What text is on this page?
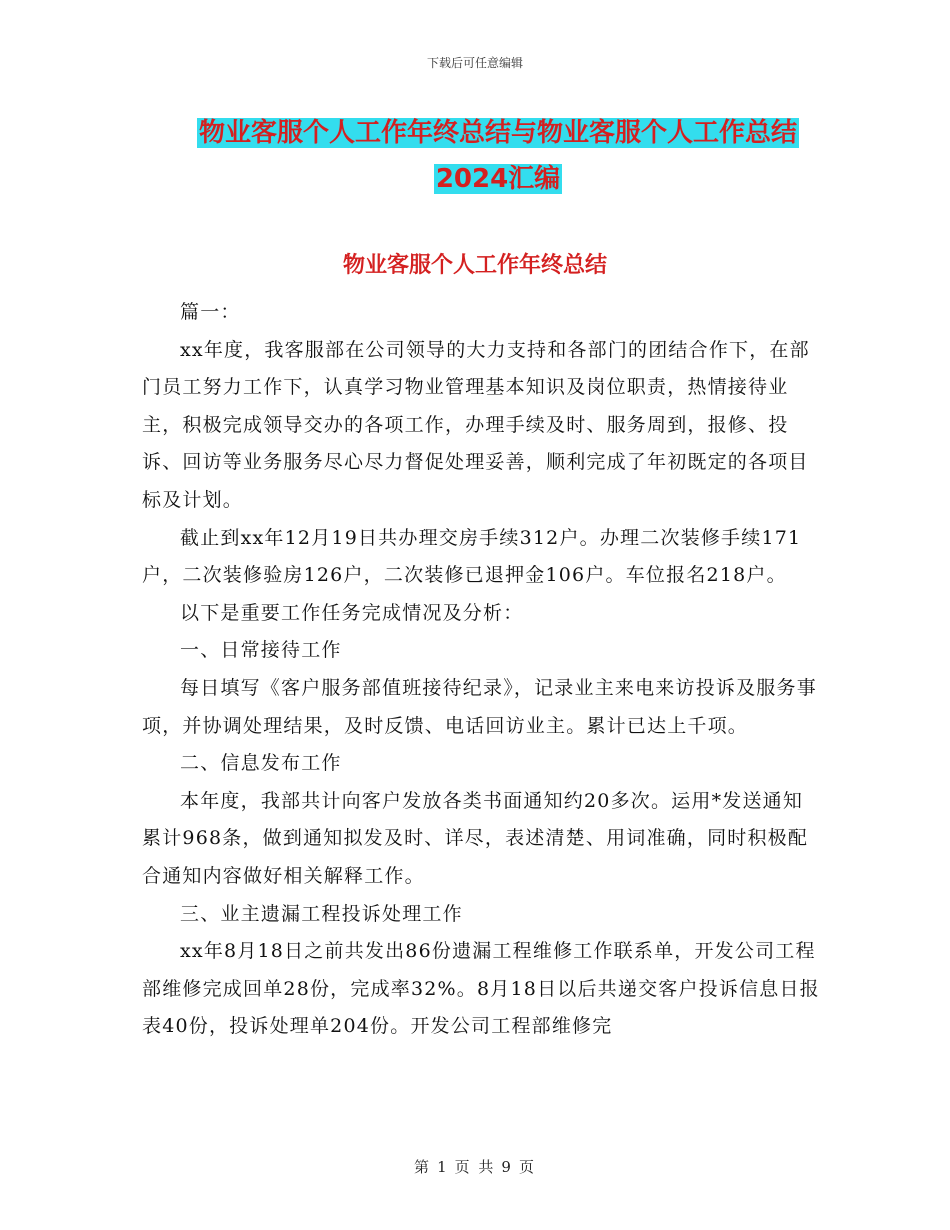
下载后可任意编辑
物业客服个人工作年终总结与物业客服个人工作总结
2024汇编
物业客服个人工作年终总结

篇一：

xx年度，我客服部在公司领导的大力支持和各部门的团结合作下，在部门员工努力工作下，认真学习物业管理基本知识及岗位职责，热情接待业主，积极完成领导交办的各项工作，办理手续及时、服务周到，报修、投诉、回访等业务服务尽心尽力督促处理妥善，顺利完成了年初既定的各项目标及计划。

截止到xx年12月19日共办理交房手续312户。办理二次装修手续171户，二次装修验房126户，二次装修已退押金106户。车位报名218户。

以下是重要工作任务完成情况及分析：

一、日常接待工作

每日填写《客户服务部值班接待纪录》，记录业主来电来访投诉及服务事项，并协调处理结果，及时反馈、电话回访业主。累计已达上千项。

二、信息发布工作

本年度，我部共计向客户发放各类书面通知约20多次。运用*发送通知累计968条，做到通知拟发及时、详尽，表述清楚、用词准确，同时积极配合通知内容做好相关解释工作。

三、业主遗漏工程投诉处理工作

xx年8月18日之前共发出86份遗漏工程维修工作联系单，开发公司工程部维修完成回单28份，完成率32%。8月18日以后共递交客户投诉信息日报表40份，投诉处理单204份。开发公司工程部维修完

第 1 页 共 9 页
